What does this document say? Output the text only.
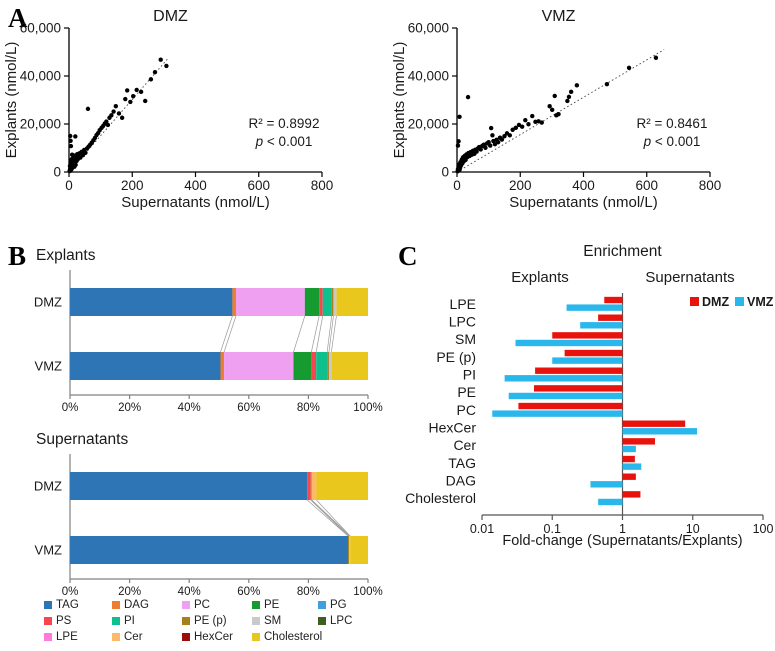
A
B	C
0	200	400	600	800
0
20,000
40,000
60,000
Supernatants (nmol/L)
Explants (nmol/L)
DMZ
R² = 0.8992
p < 0.001
0	200	400	600	800
0
20,000
40,000
60,000
Supernatants (nmol/L)
Explants (nmol/L)
VMZ
R² = 0.8461
p < 0.001
Explants
0%	20%	40%	60%	80%	100%
DMZ
VMZ
Supernatants
0%	20%	40%	60%	80%	100%
DMZ
VMZ
TAG	DAG	PC	PE	PG
PS	PI	PE (p)	SM	LPC
LPE	Cer	HexCer	Cholesterol
Enrichment
Explants	Supernatants
0.01	0.1	1	10	100
Fold-change (Supernatants/Explants)
LPE
LPC
SM
PE (p)
PI
PE
PC
HexCer
Cer
TAG
DAG
Cholesterol
DMZ VMZ
